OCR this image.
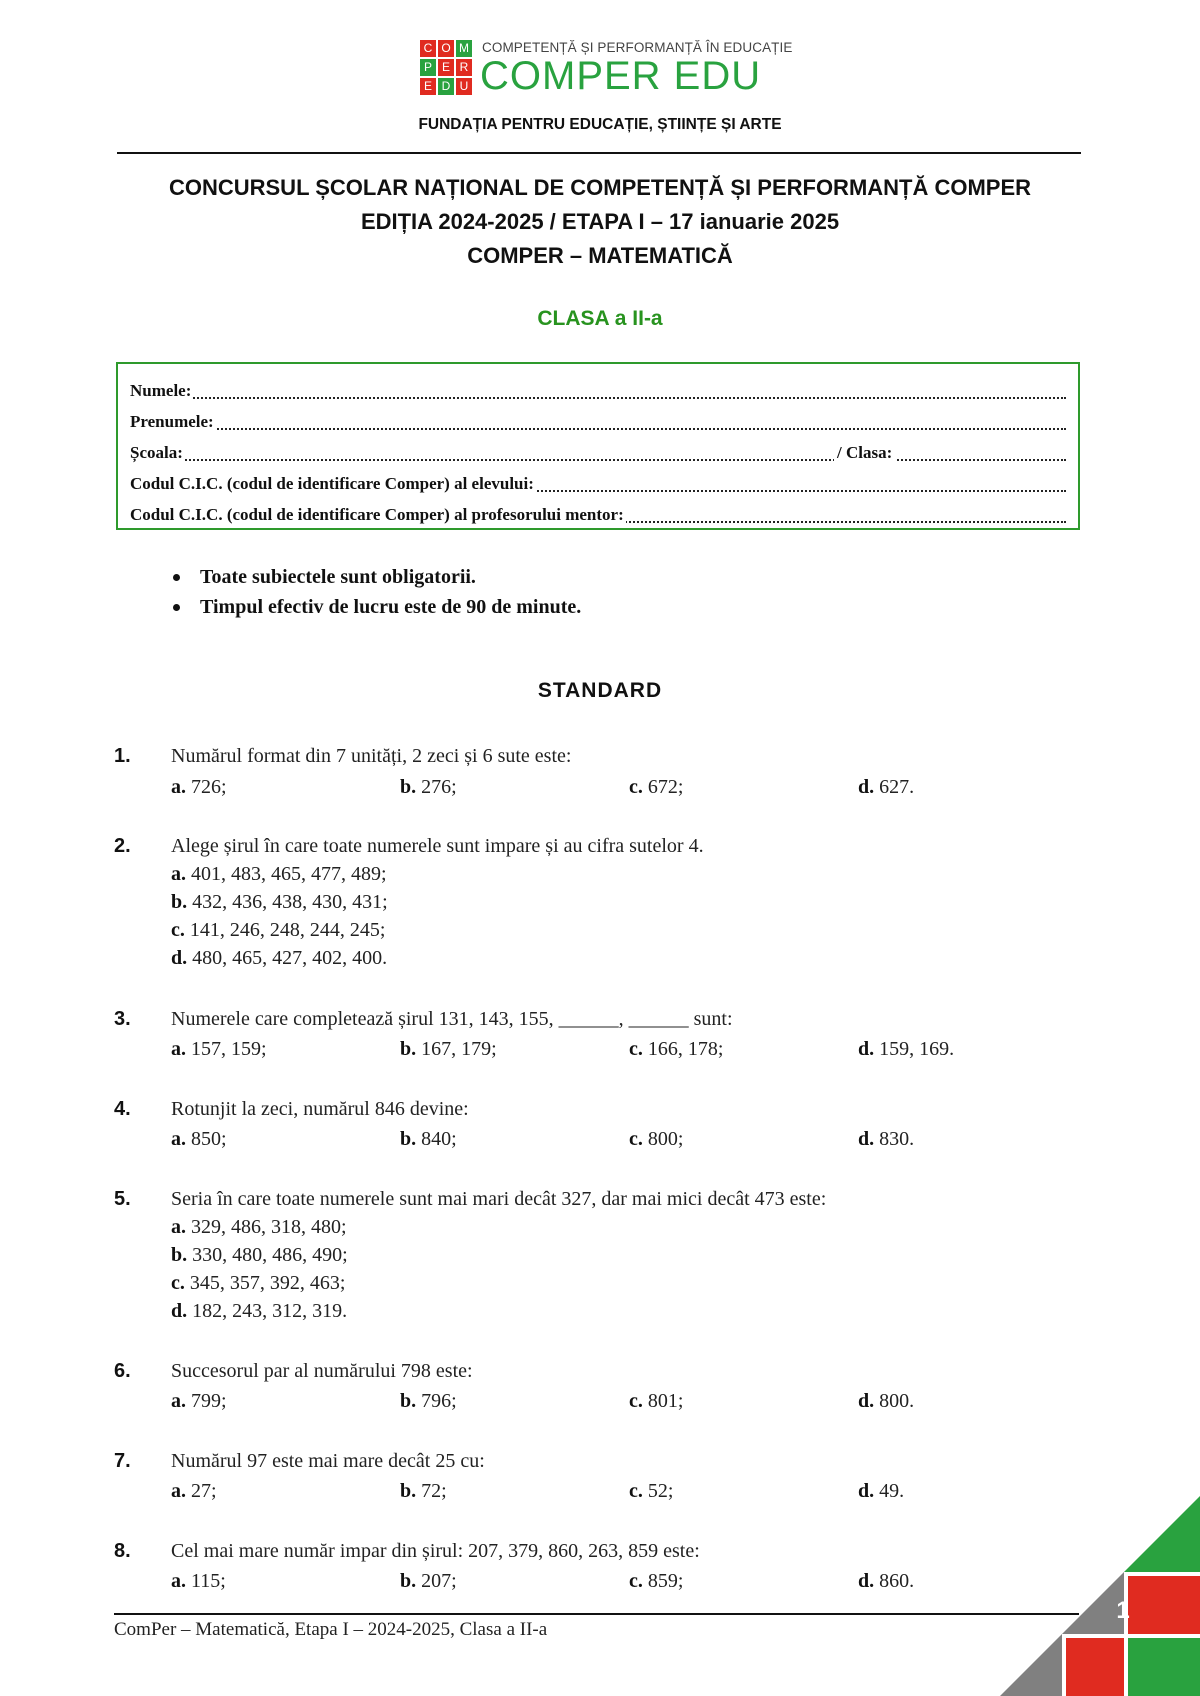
C O M
P E R
E D U
COMPETENȚĂ ȘI PERFORMANȚĂ ÎN EDUCAȚIE
COMPER EDU
FUNDAȚIA PENTRU EDUCAȚIE, ȘTIINȚE ȘI ARTE
CONCURSUL ȘCOLAR NAȚIONAL DE COMPETENȚĂ ȘI PERFORMANȚĂ COMPER
EDIȚIA 2024-2025 / ETAPA I – 17 ianuarie 2025
COMPER – MATEMATICĂ
CLASA a II-a
Numele:
Prenumele:
Școala:	/ Clasa:
Codul C.I.C. (codul de identificare Comper) al elevului:
Codul C.I.C. (codul de identificare Comper) al profesorului mentor:
Toate subiectele sunt obligatorii.
Timpul efectiv de lucru este de 90 de minute.
STANDARD
1. Numărul format din 7 unități, 2 zeci și 6 sute este:
a. 726;	b. 276;	c. 672;	d. 627.
2. Alege șirul în care toate numerele sunt impare și au cifra sutelor 4.
a. 401, 483, 465, 477, 489;
b. 432, 436, 438, 430, 431;
c. 141, 246, 248, 244, 245;
d. 480, 465, 427, 402, 400.
3. Numerele care completează șirul 131, 143, 155, ______, ______ sunt:
a. 157, 159;	b. 167, 179;	c. 166, 178;	d. 159, 169.
4. Rotunjit la zeci, numărul 846 devine:
a. 850;	b. 840;	c. 800;	d. 830.
5. Seria în care toate numerele sunt mai mari decât 327, dar mai mici decât 473 este:
a. 329, 486, 318, 480;
b. 330, 480, 486, 490;
c. 345, 357, 392, 463;
d. 182, 243, 312, 319.
6. Succesorul par al numărului 798 este:
a. 799;	b. 796;	c. 801;	d. 800.
7. Numărul 97 este mai mare decât 25 cu:
a. 27;	b. 72;	c. 52;	d. 49.
8. Cel mai mare număr impar din șirul: 207, 379, 860, 263, 859 este:
a. 115;	b. 207;	c. 859;	d. 860.
ComPer – Matematică, Etapa I – 2024-2025, Clasa a II-a
1
